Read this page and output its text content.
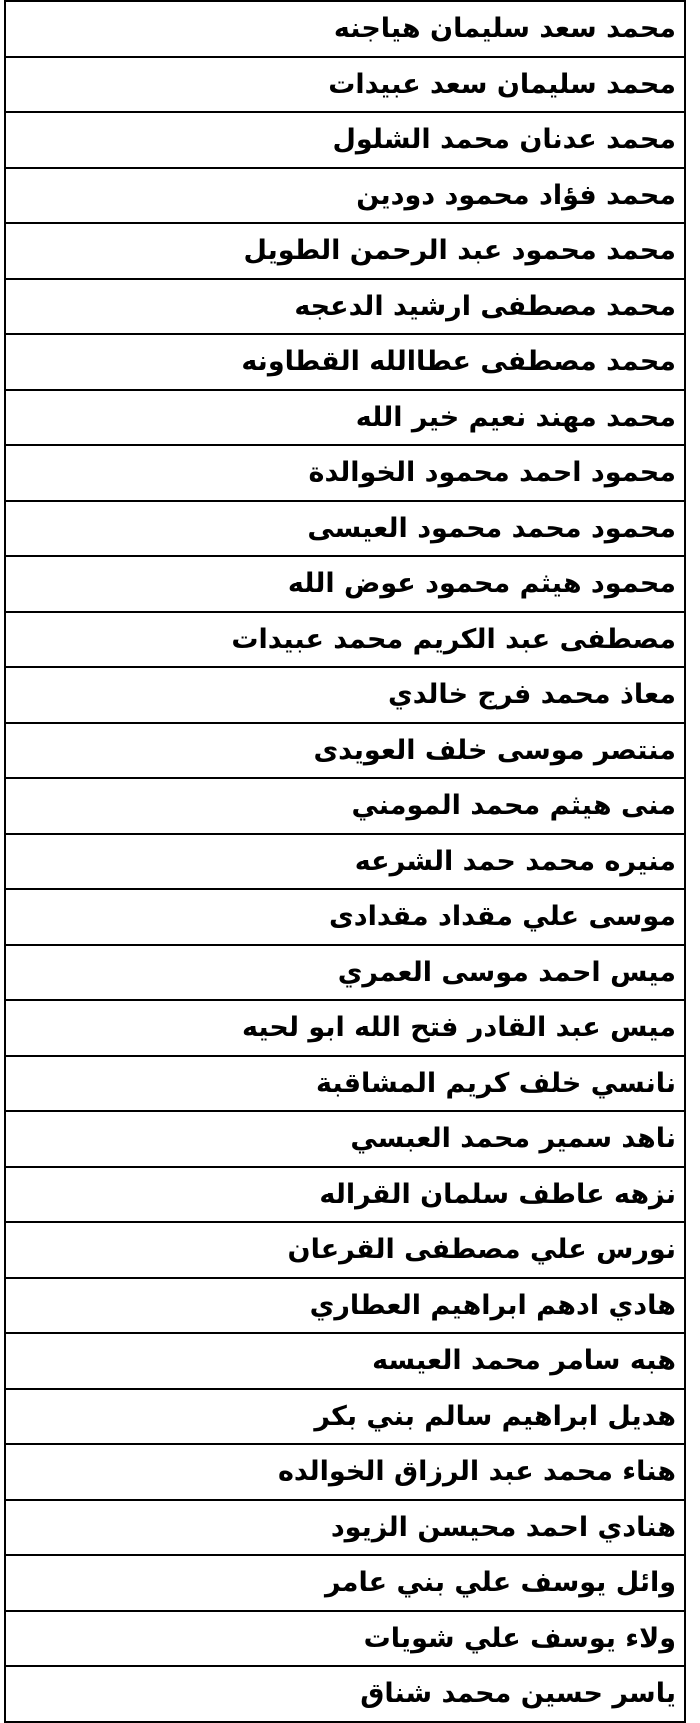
محمد سعد سليمان هياجنه
محمد سليمان سعد عبيدات
محمد عدنان محمد الشلول
محمد فؤاد محمود دودين
محمد محمود عبد الرحمن الطويل
محمد مصطفى ارشيد الدعجه
محمد مصطفى عطاالله القطاونه
محمد مهند نعيم خير الله
محمود احمد محمود الخوالدة
محمود محمد محمود العيسى
محمود هيثم محمود عوض الله
مصطفى عبد الكريم محمد عبيدات
معاذ محمد فرج خالدي
منتصر موسى خلف العويدى
منى هيثم محمد المومني
منيره محمد حمد الشرعه
موسى علي مقداد مقدادى
ميس احمد موسى العمري
ميس عبد القادر فتح الله ابو لحيه
نانسي خلف كريم المشاقبة
ناهد سمير محمد العبسي
نزهه عاطف سلمان القراله
نورس علي مصطفى القرعان
هادي ادهم ابراهيم العطاري
هبه سامر محمد العيسه
هديل ابراهيم سالم بني بكر
هناء محمد عبد الرزاق الخوالده
هنادي احمد محيسن الزيود
وائل يوسف علي بني عامر
ولاء يوسف علي شويات
ياسر حسين محمد شناق
